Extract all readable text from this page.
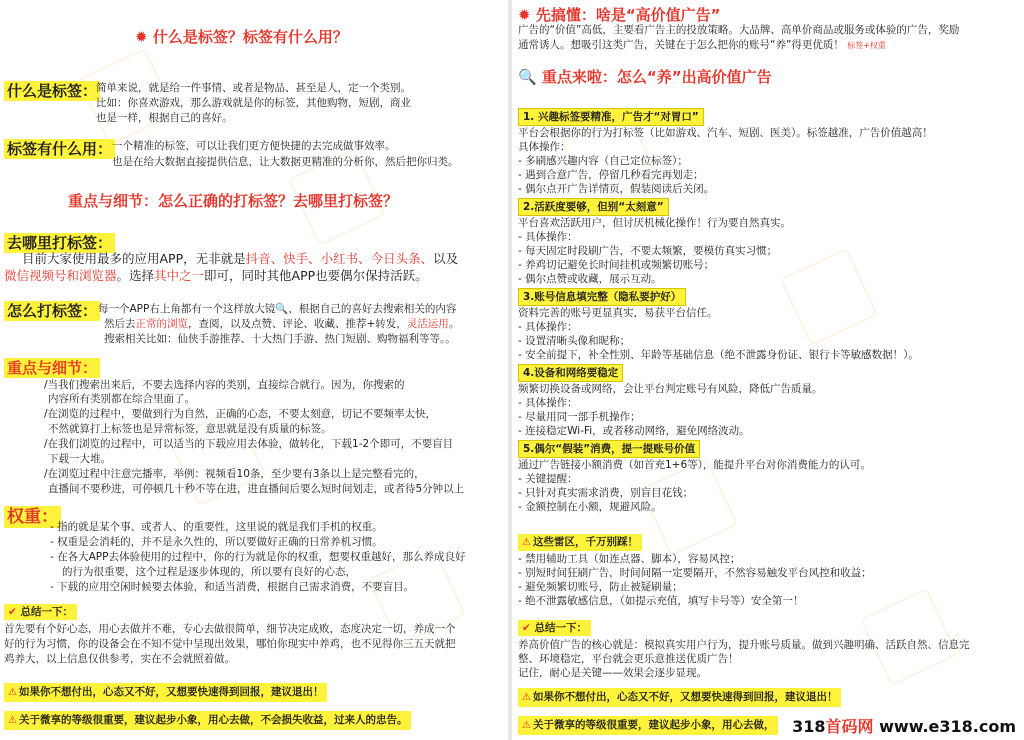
✹ 什么是标签？标签有什么用？
什么是标签：
简单来说，就是给一件事情、或者是物品、甚至是人，定一个类别。
比如：你喜欢游戏，那么游戏就是你的标签，其他购物，短剧，商业
也是一样，根据自己的喜好。
标签有什么用： 一个精准的标签，可以让我们更方便快捷的去完成做事效率。
也是在给大数据直接提供信息，让大数据更精准的分析你，然后把你归类。
重点与细节：怎么正确的打标签？去哪里打标签？
去哪里打标签：
目前大家使用最多的应用APP，无非就是抖音、快手、小红书、今日头条、以及
微信视频号和浏览器。选择其中之一即可，同时其他APP也要偶尔保持活跃。
怎么打标签： 每一个APP右上角都有一个这样放大镜🔍，根据自己的喜好去搜索相关的内容
然后去正常的浏览，查阅，以及点赞、评论、收藏、推荐+转发，灵活运用。
搜索相关比如：仙侠手游推荐、十大热门手游、热门短剧、购物福利等等。。
重点与细节：
/当我们搜索出来后，不要去选择内容的类别，直接综合就行。因为，你搜索的
内容所有类别都在综合里面了。
/在浏览的过程中，要做到行为自然，正确的心态，不要太刻意，切记不要频率太快，
不然就算打上标签也是异常标签，意思就是没有质量的标签。
/在我们浏览的过程中，可以适当的下载应用去体验，做转化，下载1-2个即可，不要盲目
下载一大堆。
/在浏览过程中注意完播率，举例：视频看10条，至少要有3条以上是完整看完的，
直播间不要秒进，可停顿几十秒不等在进，进直播间后要么短时间划走，或者待5分钟以上
权重：
- 指的就是某个事、或者人、的重要性，这里说的就是我们手机的权重。
- 权重是会消耗的，并不是永久性的，所以要做好正确的日常养机习惯。
- 在各大APP去体验使用的过程中，你的行为就是你的权重，想要权重越好，那么养成良好
的行为很重要，这个过程是逐步体现的，所以要有良好的心态，
- 下载的应用空闲时候要去体验，和适当消费，根据自己需求消费，不要盲目。
✔ 总结一下：
首先要有个好心态，用心去做并不难，专心去做很简单，细节决定成败，态度决定一切，养成一个
好的行为习惯，你的设备会在不知不觉中呈现出效果，哪怕你现实中养鸡，也不见得你三五天就把
鸡养大，以上信息仅供参考，实在不会就照着做。
⚠ 如果你不想付出，心态又不好，又想要快速得到回报，建议退出！
⚠ 关于微享的等级很重要，建议起步小象，用心去做，不会损失收益，过来人的忠告。
✹ 先搞懂：啥是“高价值广告”
广告的“价值”高低，主要看广告主的投放策略。大品牌、高单价商品或服务或体验的广告，奖励
通常诱人。想吸引这类广告，关键在于怎么把你的账号“养”得更优质！ 标签+权重
🔍 重点来啦：怎么“养”出高价值广告
1. 兴趣标签要精准，广告才“对胃口”
平台会根据你的行为打标签（比如游戏、汽车、短剧、医美）。标签越准，广告价值越高！
具体操作：
- 多刷感兴趣内容（自己定位标签）；
- 遇到合意广告，停留几秒看完再划走；
- 偶尔点开广告详情页，假装阅读后关闭。
2.活跃度要够，但别“太刻意”
平台喜欢活跃用户，但讨厌机械化操作！行为要自然真实。
- 具体操作：
- 每天固定时段刷广告，不要太频繁，要模仿真实习惯；
- 养鸡切记避免长时间挂机或频繁切账号；
- 偶尔点赞或收藏，展示互动。
3.账号信息填完整（隐私要护好）
资料完善的账号更显真实，易获平台信任。
- 具体操作：
- 设置清晰头像和昵称；
- 安全前提下，补全性别、年龄等基础信息（绝不泄露身份证、银行卡等敏感数据！）。
4.设备和网络要稳定
频繁切换设备或网络，会让平台判定账号有风险，降低广告质量。
- 具体操作：
- 尽量用同一部手机操作；
- 连接稳定Wi-Fi，或者移动网络，避免网络波动。
5.偶尔“假装”消费，提一提账号价值
通过广告链接小额消费（如首充1+6等），能提升平台对你消费能力的认可。
- 关键提醒：
- 只针对真实需求消费，别盲目花钱；
- 金额控制在小额，规避风险。
⚠ 这些雷区，千万别踩！
- 禁用辅助工具（如连点器、脚本），容易风控；
- 别短时间狂刷广告，时间间隔一定要隔开，不然容易触发平台风控和收益；
- 避免频繁切账号，防止被疑刷量；
- 绝不泄露敏感信息，（如提示充值，填写卡号等）安全第一！
✔ 总结一下：
养高价值广告的核心就是：模拟真实用户行为，提升账号质量。做到兴趣明确、活跃自然、信息完
整、环境稳定，平台就会更乐意推送优质广告！
记住，耐心是关键——效果会逐步显现。
⚠ 如果你不想付出，心态又不好，又想要快速得到回报，建议退出！
⚠ 关于微享的等级很重要，建议起步小象，用心去做，	318首码网 www.e318.com
